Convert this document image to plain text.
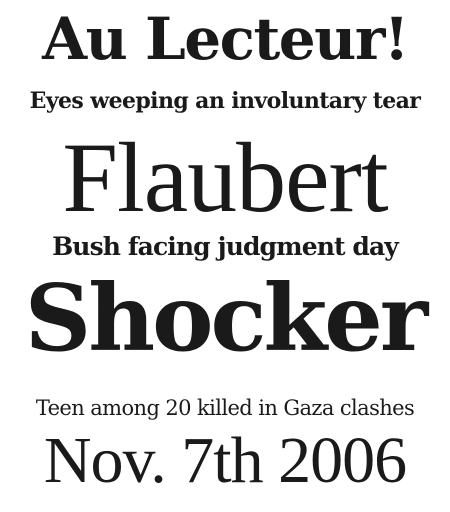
Au Lecteur!
Eyes weeping an involuntary tear
Flaubert
Bush facing judgment day
Shocker
Teen among 20 killed in Gaza clashes
Nov. 7th 2006
